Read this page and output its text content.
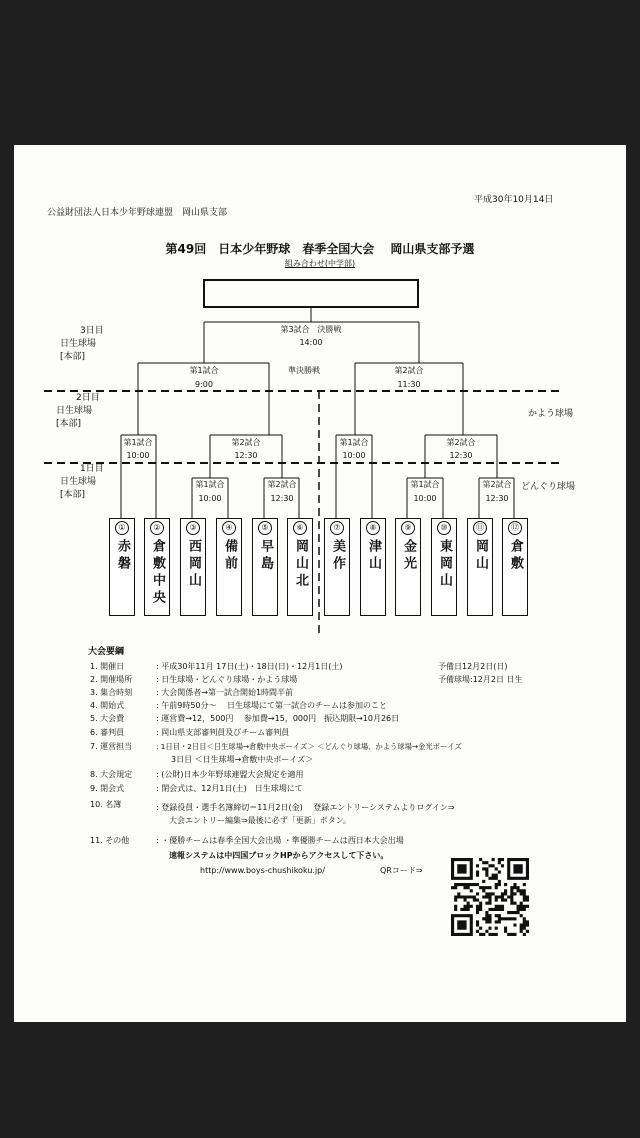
平成30年10月14日
公益財団法人日本少年野球連盟　岡山県支部
第49回　日本少年野球　春季全国大会　 岡山県支部予選
組み合わせ(中学部)
3日目
日生球場
[本部]
2日目
日生球場
[本部]
1日目
日生球場
[本部]
かよう球場
どんぐり球場
第3試合　決勝戦
14:00
準決勝戦
第1試合
9:00
第2試合
11:30
第1試合
10:00
第2試合
12:30
第1試合
10:00
第2試合
12:30
第1試合
10:00
第2試合
12:30
第1試合
10:00
第2試合
12:30
①
赤磐
②
倉敷中央
③
西岡山
④
備前
⑤
早島
⑥
岡山北
⑦
美作
⑧
津山
⑨
金光
⑩
東岡山
⑪
岡山
⑫
倉敷
大会要綱
1. 開催日	: 平成30年11月 17日(土)・18日(日)・12月1日(土)	予備日12月2日(日)
2. 開催場所	: 日生球場・どんぐり球場・かよう球場	予備球場:12月2日 日生
3. 集合時刻	: 大会関係者→第一試合開始1時間半前
4. 開始式	: 午前9時50分～　 日生球場にて第一試合のチームは参加のこと
5. 大会費	: 運営費→12，500円　 参加費→15，000円　振込期限→10月26日
6. 審判員	: 岡山県支部審判員及びチーム審判員
7. 運営担当	: 1日目・2日目＜日生球場→倉敷中央ボーイズ＞ ＜どんぐり球場、かよう球場→金光ボーイズ
3日目 ＜日生球場→倉敷中央ボーイズ＞
8. 大会規定	: (公財)日本少年野球連盟大会規定を適用
9. 閉会式	: 閉会式は、12月1日(土)　日生球場にて
10. 名簿	: 登録役員・選手名簿締切＝11月2日(金)　 登録エントリーシステムよりログイン⇒
大会エントリー編集⇒最後に必ず「更新」ボタン。
11. その他	: ・優勝チームは春季全国大会出場 ・準優勝チームは西日本大会出場
速報システムは中四国ブロックHPからアクセスして下さい。
http://www.boys-chushikoku.jp/	QRコード⇒
